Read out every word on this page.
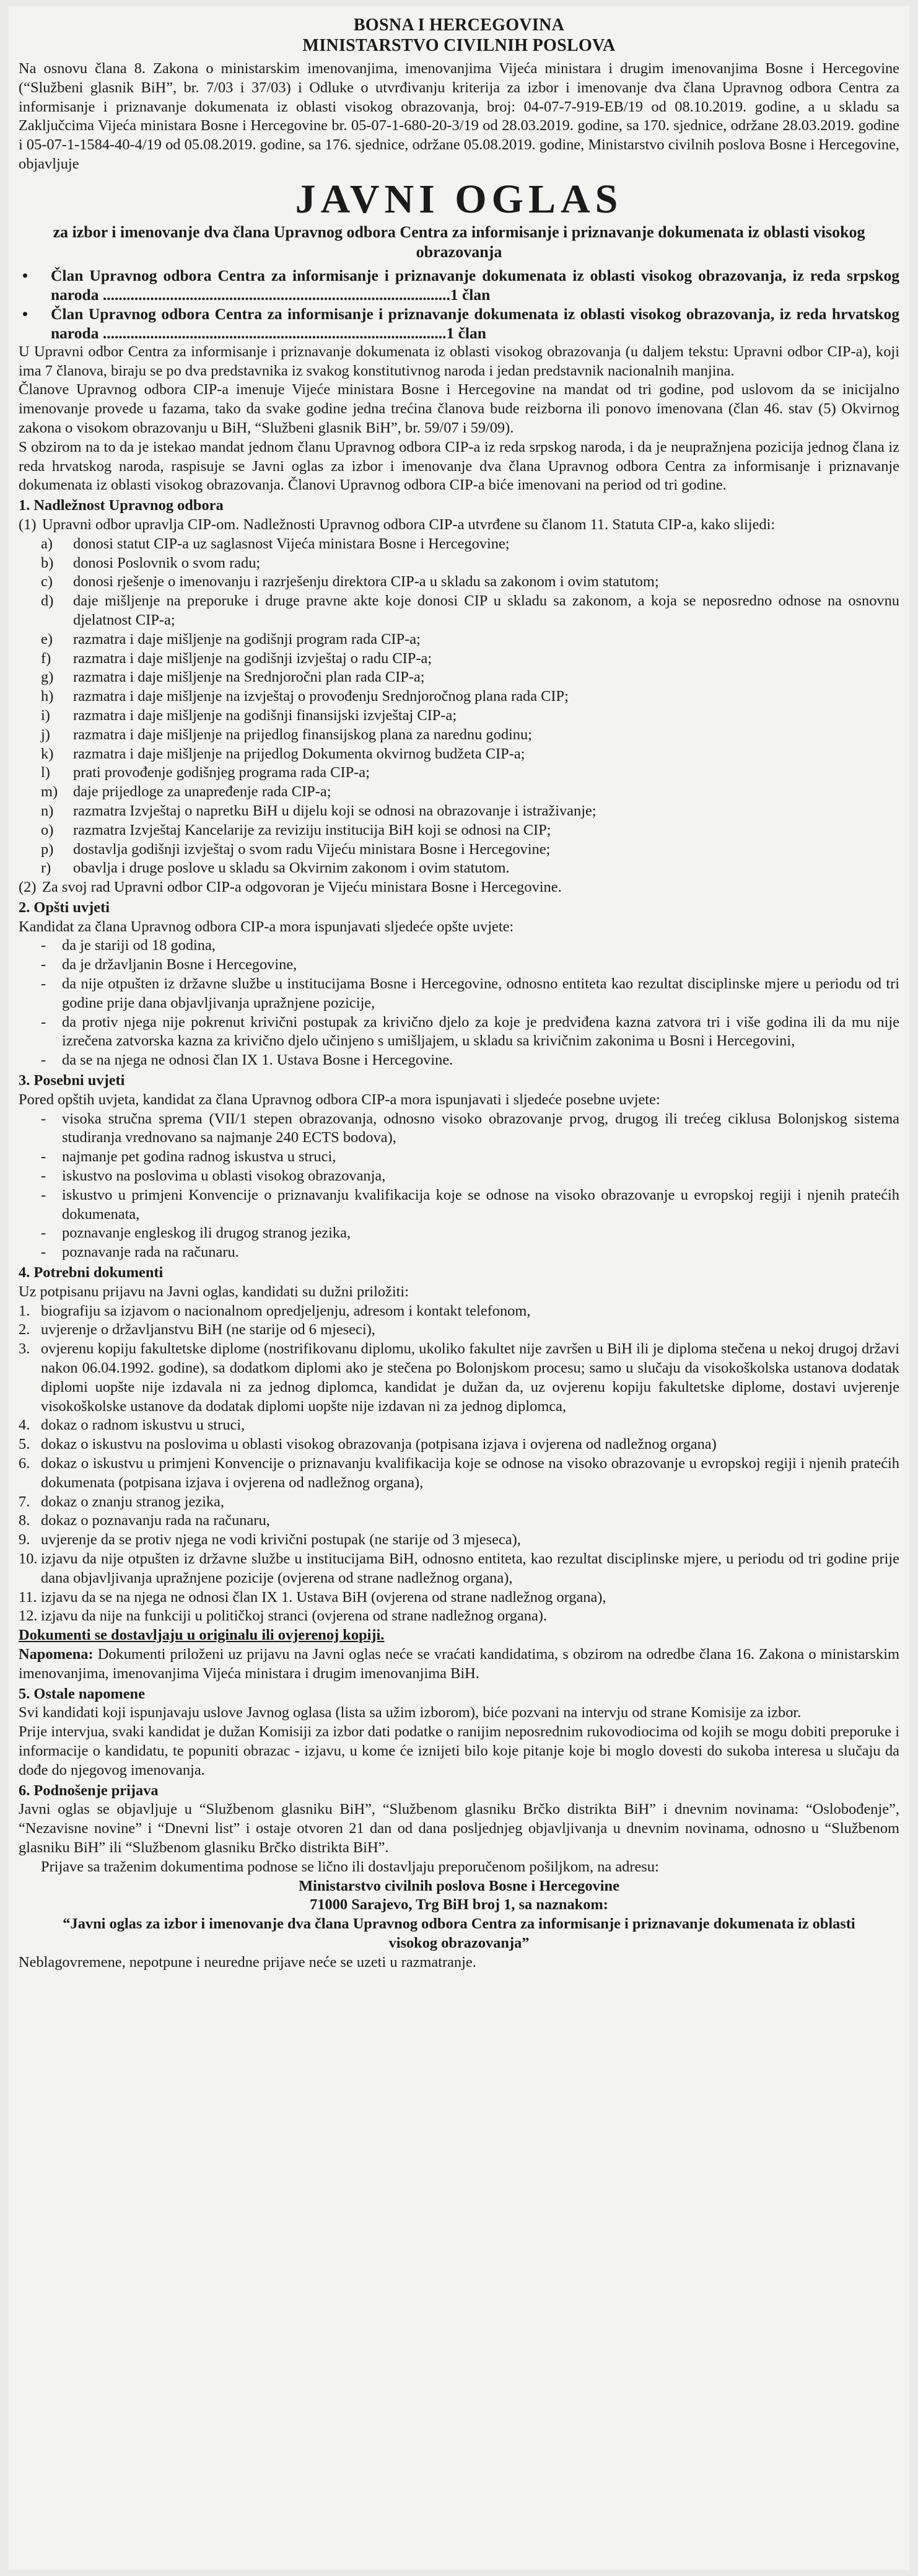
BOSNA I HERCEGOVINA
MINISTARSTVO CIVILNIH POSLOVA
Na osnovu člana 8. Zakona o ministarskim imenovanjima, imenovanjima Vijeća ministara i drugim imenovanjima Bosne i Hercegovine (“Službeni glasnik BiH”, br. 7/03 i 37/03) i Odluke o utvrđivanju kriterija za izbor i imenovanje dva člana Upravnog odbora Centra za informisanje i priznavanje dokumenata iz oblasti visokog obrazovanja, broj: 04-07-7-919-EB/19 od 08.10.2019. godine, a u skladu sa Zaključcima Vijeća ministara Bosne i Hercegovine br. 05-07-1-680-20-3/19 od 28.03.2019. godine, sa 170. sjednice, održane 28.03.2019. godine i 05-07-1-1584-40-4/19 od 05.08.2019. godine, sa 176. sjednice, održane 05.08.2019. godine, Ministarstvo civilnih poslova Bosne i Hercegovine, objavljuje
JAVNI OGLAS
za izbor i imenovanje dva člana Upravnog odbora Centra za informisanje i priznavanje dokumenata iz oblasti visokog obrazovanja
•	Član Upravnog odbora Centra za informisanje i priznavanje dokumenata iz oblasti visokog obrazovanja, iz reda srpskog naroda ........................................................................................1 član
•	Član Upravnog odbora Centra za informisanje i priznavanje dokumenata iz oblasti visokog obrazovanja, iz reda hrvatskog naroda .......................................................................................1 član
U Upravni odbor Centra za informisanje i priznavanje dokumenata iz oblasti visokog obrazovanja (u daljem tekstu: Upravni odbor CIP-a), koji ima 7 članova, biraju se po dva predstavnika iz svakog konstitutivnog naroda i jedan predstavnik nacionalnih manjina.
Članove Upravnog odbora CIP-a imenuje Vijeće ministara Bosne i Hercegovine na mandat od tri godine, pod uslovom da se inicijalno imenovanje provede u fazama, tako da svake godine jedna trećina članova bude reizborna ili ponovo imenovana (član 46. stav (5) Okvirnog zakona o visokom obrazovanju u BiH, “Službeni glasnik BiH”, br. 59/07 i 59/09).
S obzirom na to da je istekao mandat jednom članu Upravnog odbora CIP-a iz reda srpskog naroda, i da je neupražnjena pozicija jednog člana iz reda hrvatskog naroda, raspisuje se Javni oglas za izbor i imenovanje dva člana Upravnog odbora Centra za informisanje i priznavanje dokumenata iz oblasti visokog obrazovanja. Članovi Upravnog odbora CIP-a biće imenovani na period od tri godine.
1. Nadležnost Upravnog odbora
(1) Upravni odbor upravlja CIP-om. Nadležnosti Upravnog odbora CIP-a utvrđene su članom 11. Statuta CIP-a, kako slijedi:
a)	donosi statut CIP-a uz saglasnost Vijeća ministara Bosne i Hercegovine;
b)	donosi Poslovnik o svom radu;
c)	donosi rješenje o imenovanju i razrješenju direktora CIP-a u skladu sa zakonom i ovim statutom;
d)	daje mišljenje na preporuke i druge pravne akte koje donosi CIP u skladu sa zakonom, a koja se neposredno odnose na osnovnu djelatnost CIP-a;
e)	razmatra i daje mišljenje na godišnji program rada CIP-a;
f)	razmatra i daje mišljenje na godišnji izvještaj o radu CIP-a;
g)	razmatra i daje mišljenje na Srednjoročni plan rada CIP-a;
h)	razmatra i daje mišljenje na izvještaj o provođenju Srednjoročnog plana rada CIP;
i)	razmatra i daje mišljenje na godišnji finansijski izvještaj CIP-a;
j)	razmatra i daje mišljenje na prijedlog finansijskog plana za narednu godinu;
k)	razmatra i daje mišljenje na prijedlog Dokumenta okvirnog budžeta CIP-a;
l)	prati provođenje godišnjeg programa rada CIP-a;
m)	daje prijedloge za unapređenje rada CIP-a;
n)	razmatra Izvještaj o napretku BiH u dijelu koji se odnosi na obrazovanje i istraživanje;
o)	razmatra Izvještaj Kancelarije za reviziju institucija BiH koji se odnosi na CIP;
p)	dostavlja godišnji izvještaj o svom radu Vijeću ministara Bosne i Hercegovine;
r)	obavlja i druge poslove u skladu sa Okvirnim zakonom i ovim statutom.
(2) Za svoj rad Upravni odbor CIP-a odgovoran je Vijeću ministara Bosne i Hercegovine.
2. Opšti uvjeti
Kandidat za člana Upravnog odbora CIP-a mora ispunjavati sljedeće opšte uvjete:
-	da je stariji od 18 godina,
-	da je državljanin Bosne i Hercegovine,
-	da nije otpušten iz državne službe u institucijama Bosne i Hercegovine, odnosno entiteta kao rezultat disciplinske mjere u periodu od tri godine prije dana objavljivanja upražnjene pozicije,
-	da protiv njega nije pokrenut krivični postupak za krivično djelo za koje je predviđena kazna zatvora tri i više godina ili da mu nije izrečena zatvorska kazna za krivično djelo učinjeno s umišljajem, u skladu sa krivičnim zakonima u Bosni i Hercegovini,
-	da se na njega ne odnosi član IX 1. Ustava Bosne i Hercegovine.
3. Posebni uvjeti
Pored opštih uvjeta, kandidat za člana Upravnog odbora CIP-a mora ispunjavati i sljedeće posebne uvjete:
-	visoka stručna sprema (VII/1 stepen obrazovanja, odnosno visoko obrazovanje prvog, drugog ili trećeg ciklusa Bolonjskog sistema studiranja vrednovano sa najmanje 240 ECTS bodova),
-	najmanje pet godina radnog iskustva u struci,
-	iskustvo na poslovima u oblasti visokog obrazovanja,
-	iskustvo u primjeni Konvencije o priznavanju kvalifikacija koje se odnose na visoko obrazovanje u evropskoj regiji i njenih pratećih dokumenata,
-	poznavanje engleskog ili drugog stranog jezika,
-	poznavanje rada na računaru.
4. Potrebni dokumenti
Uz potpisanu prijavu na Javni oglas, kandidati su dužni priložiti:
1. biografiju sa izjavom o nacionalnom opredjeljenju, adresom i kontakt telefonom,
2. uvjerenje o državljanstvu BiH (ne starije od 6 mjeseci),
3. ovjerenu kopiju fakultetske diplome (nostrifikovanu diplomu, ukoliko fakultet nije završen u BiH ili je diploma stečena u nekoj drugoj državi nakon 06.04.1992. godine), sa dodatkom diplomi ako je stečena po Bolonjskom procesu; samo u slučaju da visokoškolska ustanova dodatak diplomi uopšte nije izdavala ni za jednog diplomca, kandidat je dužan da, uz ovjerenu kopiju fakultetske diplome, dostavi uvjerenje visokoškolske ustanove da dodatak diplomi uopšte nije izdavan ni za jednog diplomca,
4. dokaz o radnom iskustvu u struci,
5. dokaz o iskustvu na poslovima u oblasti visokog obrazovanja (potpisana izjava i ovjerena od nadležnog organa)
6. dokaz o iskustvu u primjeni Konvencije o priznavanju kvalifikacija koje se odnose na visoko obrazovanje u evropskoj regiji i njenih pratećih dokumenata (potpisana izjava i ovjerena od nadležnog organa),
7. dokaz o znanju stranog jezika,
8. dokaz o poznavanju rada na računaru,
9. uvjerenje da se protiv njega ne vodi krivični postupak (ne starije od 3 mjeseca),
10. izjavu da nije otpušten iz državne službe u institucijama BiH, odnosno entiteta, kao rezultat disciplinske mjere, u periodu od tri godine prije dana objavljivanja upražnjene pozicije (ovjerena od strane nadležnog organa),
11. izjavu da se na njega ne odnosi član IX 1. Ustava BiH (ovjerena od strane nadležnog organa),
12. izjavu da nije na funkciji u političkoj stranci (ovjerena od strane nadležnog organa).
Dokumenti se dostavljaju u originalu ili ovjerenoj kopiji.
Napomena: Dokumenti priloženi uz prijavu na Javni oglas neće se vraćati kandidatima, s obzirom na odredbe člana 16. Zakona o ministarskim imenovanjima, imenovanjima Vijeća ministara i drugim imenovanjima BiH.
5. Ostale napomene
Svi kandidati koji ispunjavaju uslove Javnog oglasa (lista sa užim izborom), biće pozvani na intervju od strane Komisije za izbor.
Prije intervjua, svaki kandidat je dužan Komisiji za izbor dati podatke o ranijim neposrednim rukovodiocima od kojih se mogu dobiti preporuke i informacije o kandidatu, te popuniti obrazac - izjavu, u kome će iznijeti bilo koje pitanje koje bi moglo dovesti do sukoba interesa u slučaju da dođe do njegovog imenovanja.
6. Podnošenje prijava
Javni oglas se objavljuje u “Službenom glasniku BiH”, “Službenom glasniku Brčko distrikta BiH” i dnevnim novinama: “Oslobođenje”, “Nezavisne novine” i “Dnevni list” i ostaje otvoren 21 dan od dana posljednjeg objavljivanja u dnevnim novinama, odnosno u “Službenom glasniku BiH” ili “Službenom glasniku Brčko distrikta BiH”.
Prijave sa traženim dokumentima podnose se lično ili dostavljaju preporučenom pošiljkom, na adresu:
Ministarstvo civilnih poslova Bosne i Hercegovine
71000 Sarajevo, Trg BiH broj 1, sa naznakom:
“Javni oglas za izbor i imenovanje dva člana Upravnog odbora Centra za informisanje i priznavanje dokumenata iz oblasti visokog obrazovanja”
Neblagovremene, nepotpune i neuredne prijave neće se uzeti u razmatranje.
